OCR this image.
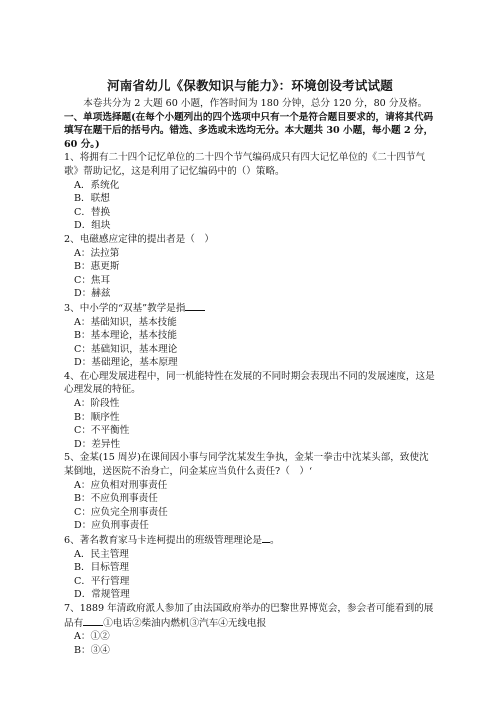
河南省幼儿《保教知识与能力》：环境创设考试试题
本卷共分为 2 大题 60 小题，作答时间为 180 分钟，总分 120 分，80 分及格。
一、单项选择题(在每个小题列出的四个选项中只有一个是符合题目要求的，请将其代码填写在题干后的括号内。错选、多选或未选均无分。本大题共 30 小题，每小题 2 分，60 分。)
1、将拥有二十四个记忆单位的二十四个节气编码成只有四大记忆单位的《二十四节气歌》帮助记忆，这是利用了记忆编码中的（）策略。
A．系统化
B．联想
C．替换
D．组块
2、电磁感应定律的提出者是（　）
A：法拉第
B：惠更斯
C：焦耳
D：赫兹
3、中小学的“双基”教学是指
A：基础知识，基本技能
B：基本理论，基本技能
C：基础知识，基本理论
D：基础理论，基本原理
4、在心理发展进程中，同一机能特性在发展的不同时期会表现出不同的发展速度，这是心理发展的特征。
A：阶段性
B：顺序性
C：不平衡性
D：差异性
5、金某(15 周岁)在课间因小事与同学沈某发生争执，金某一拳击中沈某头部，致使沈某倒地，送医院不治身亡，问金某应当负什么责任?（　）‘
A：应负相对刑事责任
B：不应负刑事责任
C：应负完全刑事责任
D：应负刑事责任
6、著名教育家马卡连柯提出的班级管理理论是 。
A．民主管理
B．目标管理
C．平行管理
D．常规管理
7、1889 年清政府派人参加了由法国政府举办的巴黎世界博览会，参会者可能看到的展品有 ①电话②柴油内燃机③汽车④无线电报
A：①②
B：③④
